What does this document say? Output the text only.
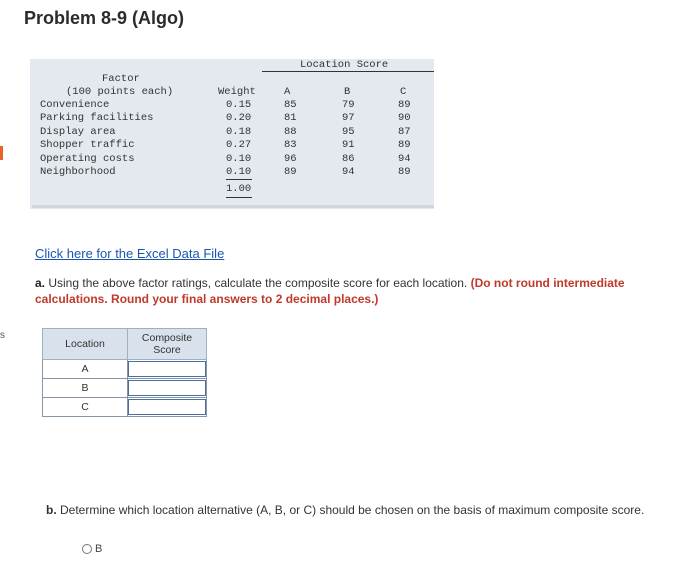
Problem 8-9 (Algo)
s
Location Score
Factor
(100 points each)	Weight	A	B	C
Convenience	0.15	85	79	89
Parking facilities	0.20	81	97	90
Display area	0.18	88	95	87
Shopper traffic	0.27	83	91	89
Operating costs	0.10	96	86	94
Neighborhood	0.10	89	94	89
1.00
Click here for the Excel Data File
a. Using the above factor ratings, calculate the composite score for each location. (Do not round intermediate calculations. Round your final answers to 2 decimal places.)
Location	Composite
Score
A	

B	

C	
b. Determine which location alternative (A, B, or C) should be chosen on the basis of maximum composite score.
B
